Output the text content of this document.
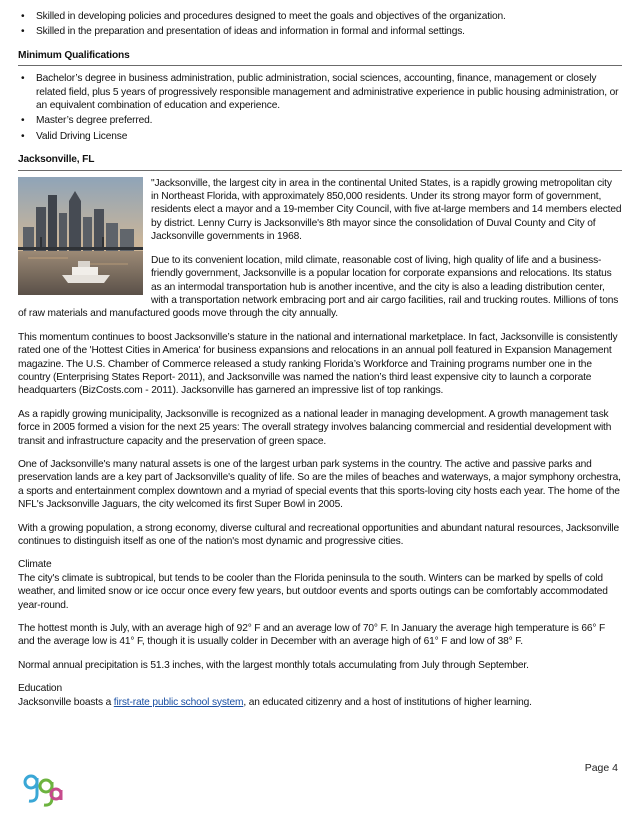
• Skilled in developing policies and procedures designed to meet the goals and objectives of the organization.
• Skilled in the preparation and presentation of ideas and information in formal and informal settings.
Minimum Qualifications
• Bachelor’s degree in business administration, public administration, social sciences, accounting, finance, management or closely related field, plus 5 years of progressively responsible management and administrative experience in public housing administration, or an equivalent combination of education and experience.
• Master’s degree preferred.
• Valid Driving License
Jacksonville, FL

"Jacksonville, the largest city in area in the continental United States, is a rapidly growing metropolitan city in Northeast Florida, with approximately 850,000 residents. Under its strong mayor form of government, residents elect a mayor and a 19-member City Council, with five at-large members and 14 members elected by district. Lenny Curry is Jacksonville's 8th mayor since the consolidation of Duval County and City of Jacksonville governments in 1968.

Due to its convenient location, mild climate, reasonable cost of living, high quality of life and a business-friendly government, Jacksonville is a popular location for corporate expansions and relocations. Its status as an intermodal transportation hub is another incentive, and the city is also a leading distribution center, with a transportation network embracing port and air cargo facilities, rail and trucking routes. Millions of tons of raw materials and manufactured goods move through the city annually.

This momentum continues to boost Jacksonville’s stature in the national and international marketplace. In fact, Jacksonville is consistently rated one of the 'Hottest Cities in America' for business expansions and relocations in an annual poll featured in Expansion Management magazine. The U.S. Chamber of Commerce released a study ranking Florida’s Workforce and Training programs number one in the country (Enterprising States Report- 2011), and Jacksonville was named the nation’s third least expensive city to launch a corporate headquarters (BizCosts.com - 2011). Jacksonville has garnered an impressive list of top rankings.

As a rapidly growing municipality, Jacksonville is recognized as a national leader in managing development. A growth management task force in 2005 formed a vision for the next 25 years: The overall strategy involves balancing commercial and residential development with transit and infrastructure capacity and the preservation of green space.

One of Jacksonville's many natural assets is one of the largest urban park systems in the country. The active and passive parks and preservation lands are a key part of Jacksonville's quality of life. So are the miles of beaches and waterways, a major symphony orchestra, a sports and entertainment complex downtown and a myriad of special events that this sports-loving city hosts each year. The home of the NFL's Jacksonville Jaguars, the city welcomed its first Super Bowl in 2005.

With a growing population, a strong economy, diverse cultural and recreational opportunities and abundant natural resources, Jacksonville continues to distinguish itself as one of the nation's most dynamic and progressive cities.

Climate

The city's climate is subtropical, but tends to be cooler than the Florida peninsula to the south. Winters can be marked by spells of cold weather, and limited snow or ice occur once every few years, but outdoor events and sports outings can be comfortably accommodated year-round.

The hottest month is July, with an average high of 92° F and an average low of 70° F. In January the average high temperature is 66° F and the average low is 41° F, though it is usually colder in December with an average high of 61° F and low of 38° F.

Normal annual precipitation is 51.3 inches, with the largest monthly totals accumulating from July through September.

Education

Jacksonville boasts a first-rate public school system, an educated citizenry and a host of institutions of higher learning.

Page 4
